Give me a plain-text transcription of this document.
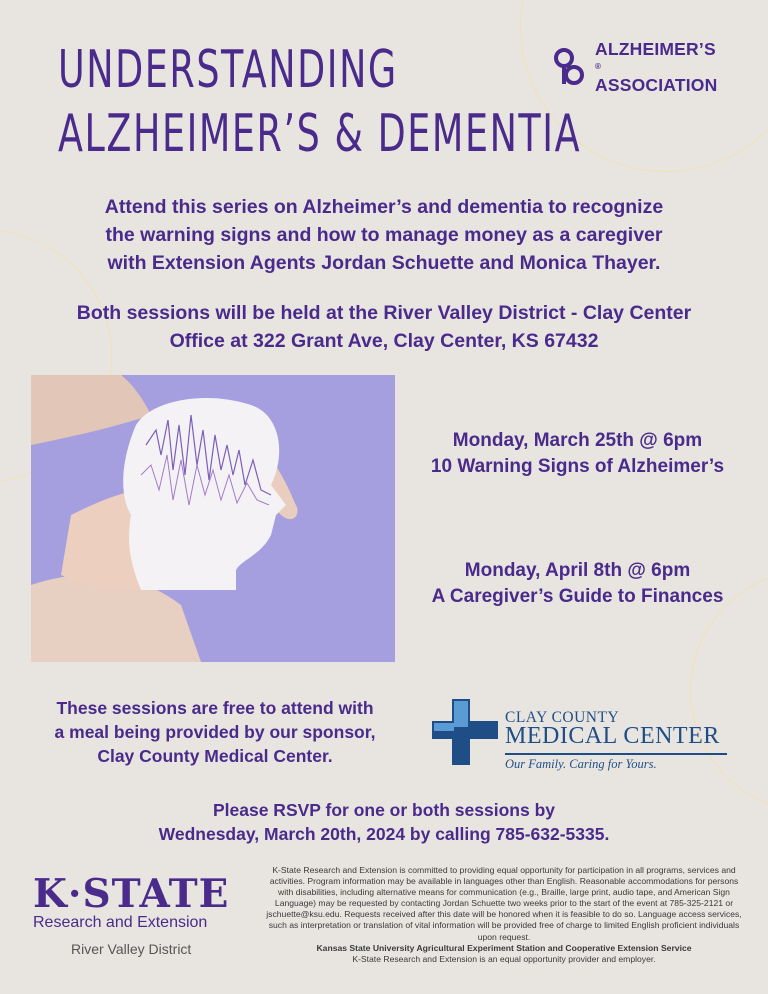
UNDERSTANDING
ALZHEIMER’S & DEMENTIA
ALZHEIMER’S
®
ASSOCIATION

Attend this series on Alzheimer’s and dementia to recognize
the warning signs and how to manage money as a caregiver
with Extension Agents Jordan Schuette and Monica Thayer.

Both sessions will be held at the River Valley District - Clay Center
Office at 322 Grant Ave, Clay Center, KS 67432

Monday, March 25th @ 6pm
10 Warning Signs of Alzheimer’s
Monday, April 8th @ 6pm
A Caregiver’s Guide to Finances
These sessions are free to attend with
a meal being provided by our sponsor,
Clay County Medical Center.
CLAY COUNTY
MEDICAL CENTER
Our Family. Caring for Yours.
Please RSVP for one or both sessions by
Wednesday, March 20th, 2024 by calling 785-632-5335.
K·STATE
Research and Extension
River Valley District

K-State Research and Extension is committed to providing equal opportunity for participation in all programs, services and activities. Program information may be available in languages other than English. Reasonable accommodations for persons with disabilities, including alternative means for communication (e.g., Braille, large print, audio tape, and American Sign Language) may be requested by contacting Jordan Schuette two weeks prior to the start of the event at 785-325-2121 or jschuette@ksu.edu. Requests received after this date will be honored when it is feasible to do so. Language access services, such as interpretation or translation of vital information will be provided free of charge to limited English proficient individuals upon request.

Kansas State University Agricultural Experiment Station and Cooperative Extension Service

K-State Research and Extension is an equal opportunity provider and employer.
